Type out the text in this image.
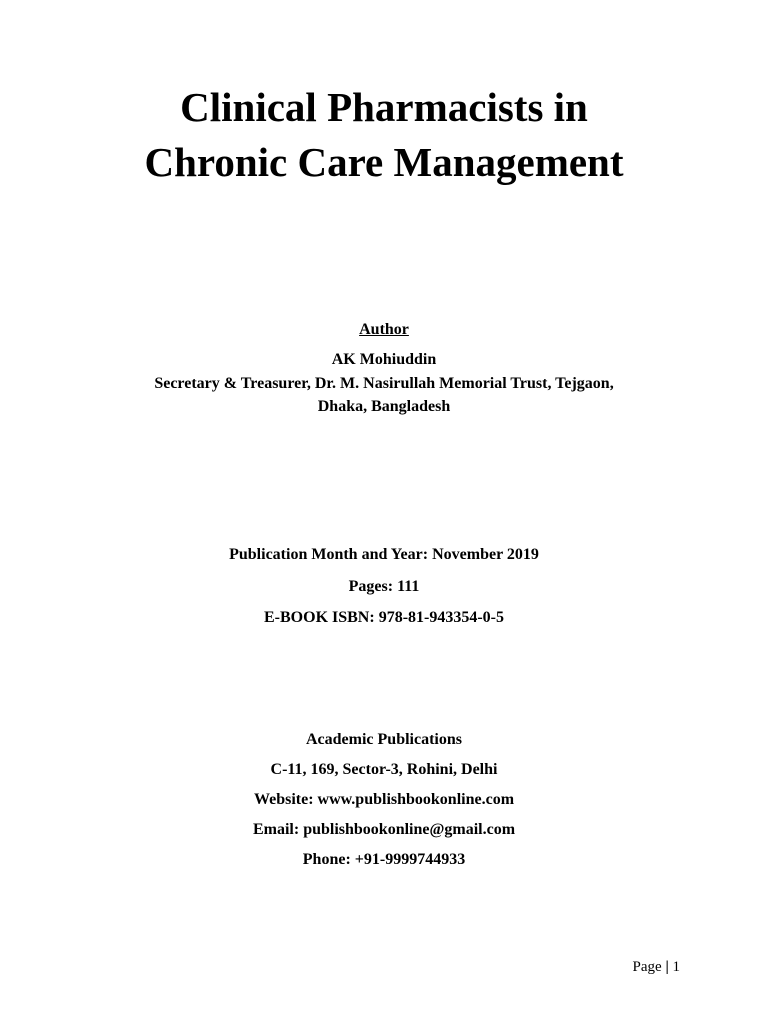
Clinical Pharmacists in
Chronic Care Management
Author
AK Mohiuddin
Secretary & Treasurer, Dr. M. Nasirullah Memorial Trust, Tejgaon,
Dhaka, Bangladesh
Publication Month and Year: November 2019
Pages: 111
E-BOOK ISBN: 978-81-943354-0-5
Academic Publications
C-11, 169, Sector-3, Rohini, Delhi
Website: www.publishbookonline.com
Email: publishbookonline@gmail.com
Phone: +91-9999744933
Page | 1
